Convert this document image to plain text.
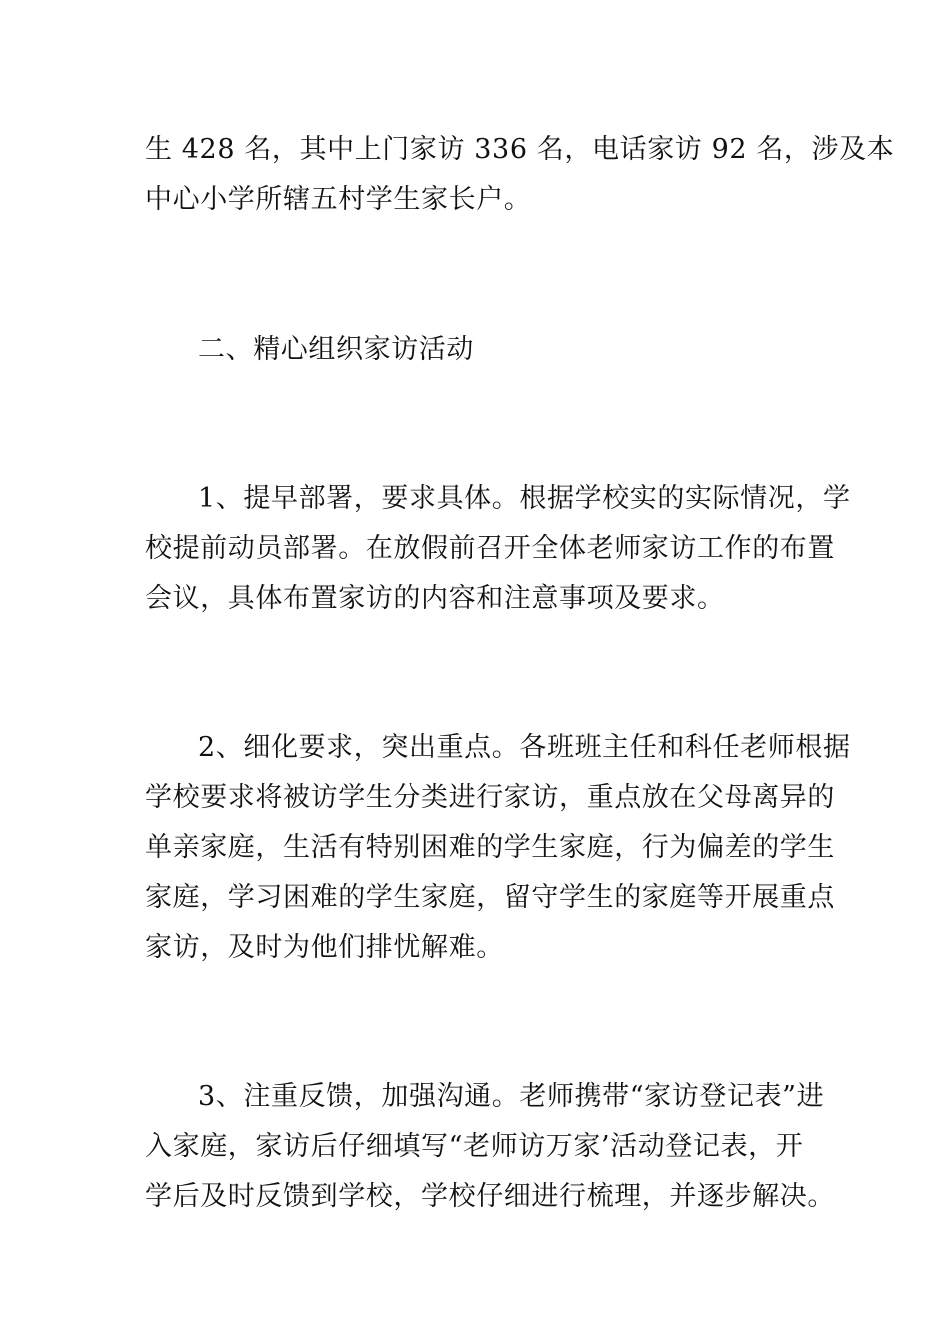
生 428 名，其中上门家访 336 名，电话家访 92 名，涉及本
中心小学所辖五村学生家长户。
二、精心组织家访活动
1、提早部署，要求具体。根据学校实的实际情况，学
校提前动员部署。在放假前召开全体老师家访工作的布置
会议，具体布置家访的内容和注意事项及要求。
2、细化要求，突出重点。各班班主任和科任老师根据
学校要求将被访学生分类进行家访，重点放在父母离异的
单亲家庭，生活有特别困难的学生家庭，行为偏差的学生
家庭，学习困难的学生家庭，留守学生的家庭等开展重点
家访，及时为他们排忧解难。
3、注重反馈，加强沟通。老师携带“家访登记表”进
入家庭，家访后仔细填写“老师访万家’活动登记表，开
学后及时反馈到学校，学校仔细进行梳理，并逐步解决。
